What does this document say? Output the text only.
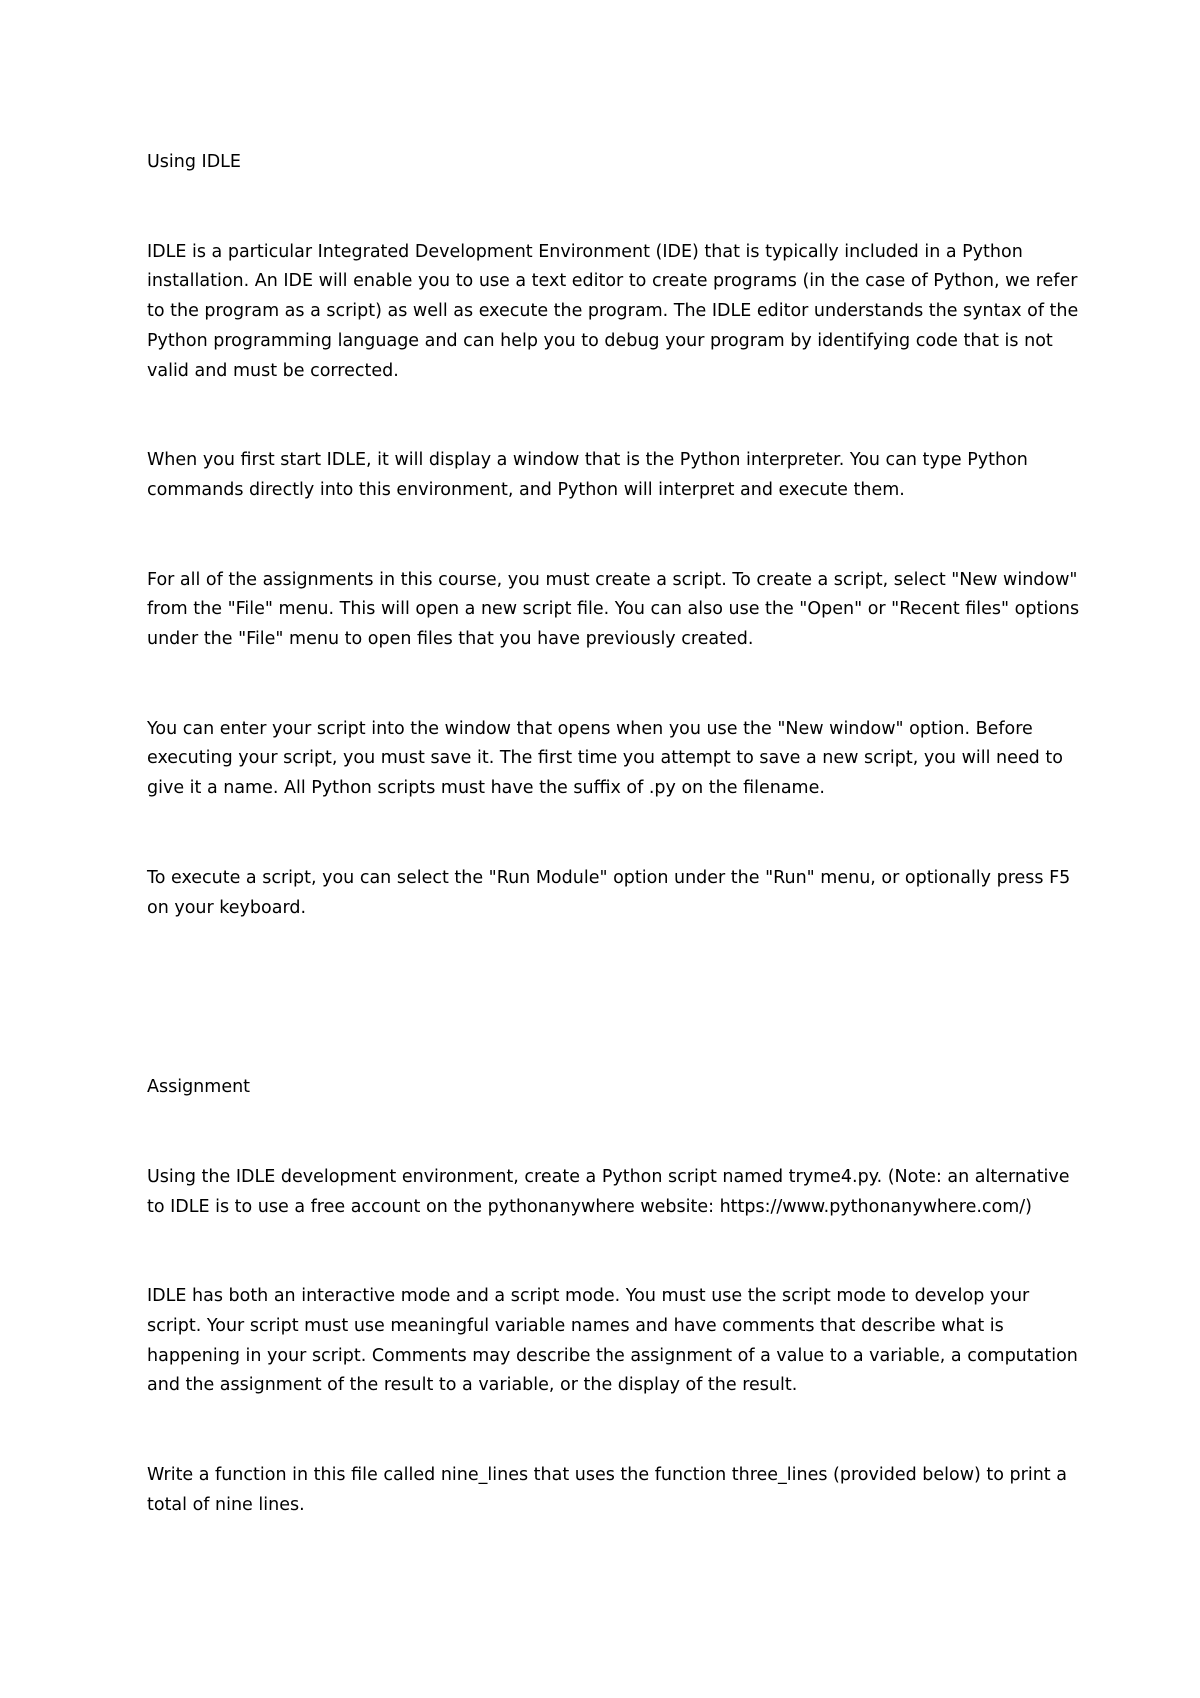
Using IDLE

IDLE is a particular Integrated Development Environment (IDE) that is typically included in a Python installation. An IDE will enable you to use a text editor to create programs (in the case of Python, we refer to the program as a script) as well as execute the program. The IDLE editor understands the syntax of the Python programming language and can help you to debug your program by identifying code that is not valid and must be corrected.

When you first start IDLE, it will display a window that is the Python interpreter. You can type Python commands directly into this environment, and Python will interpret and execute them.

For all of the assignments in this course, you must create a script. To create a script, select "New window" from the "File" menu. This will open a new script file. You can also use the "Open" or "Recent files" options under the "File" menu to open files that you have previously created.

You can enter your script into the window that opens when you use the "New window" option. Before executing your script, you must save it. The first time you attempt to save a new script, you will need to give it a name. All Python scripts must have the suffix of .py on the filename.

To execute a script, you can select the "Run Module" option under the "Run" menu, or optionally press F5 on your keyboard.

Assignment

Using the IDLE development environment, create a Python script named tryme4.py. (Note: an alternative to IDLE is to use a free account on the pythonanywhere website: https://www.pythonanywhere.com/)

IDLE has both an interactive mode and a script mode. You must use the script mode to develop your script. Your script must use meaningful variable names and have comments that describe what is happening in your script. Comments may describe the assignment of a value to a variable, a computation and the assignment of the result to a variable, or the display of the result.

Write a function in this file called nine_lines that uses the function three_lines (provided below) to print a total of nine lines.
